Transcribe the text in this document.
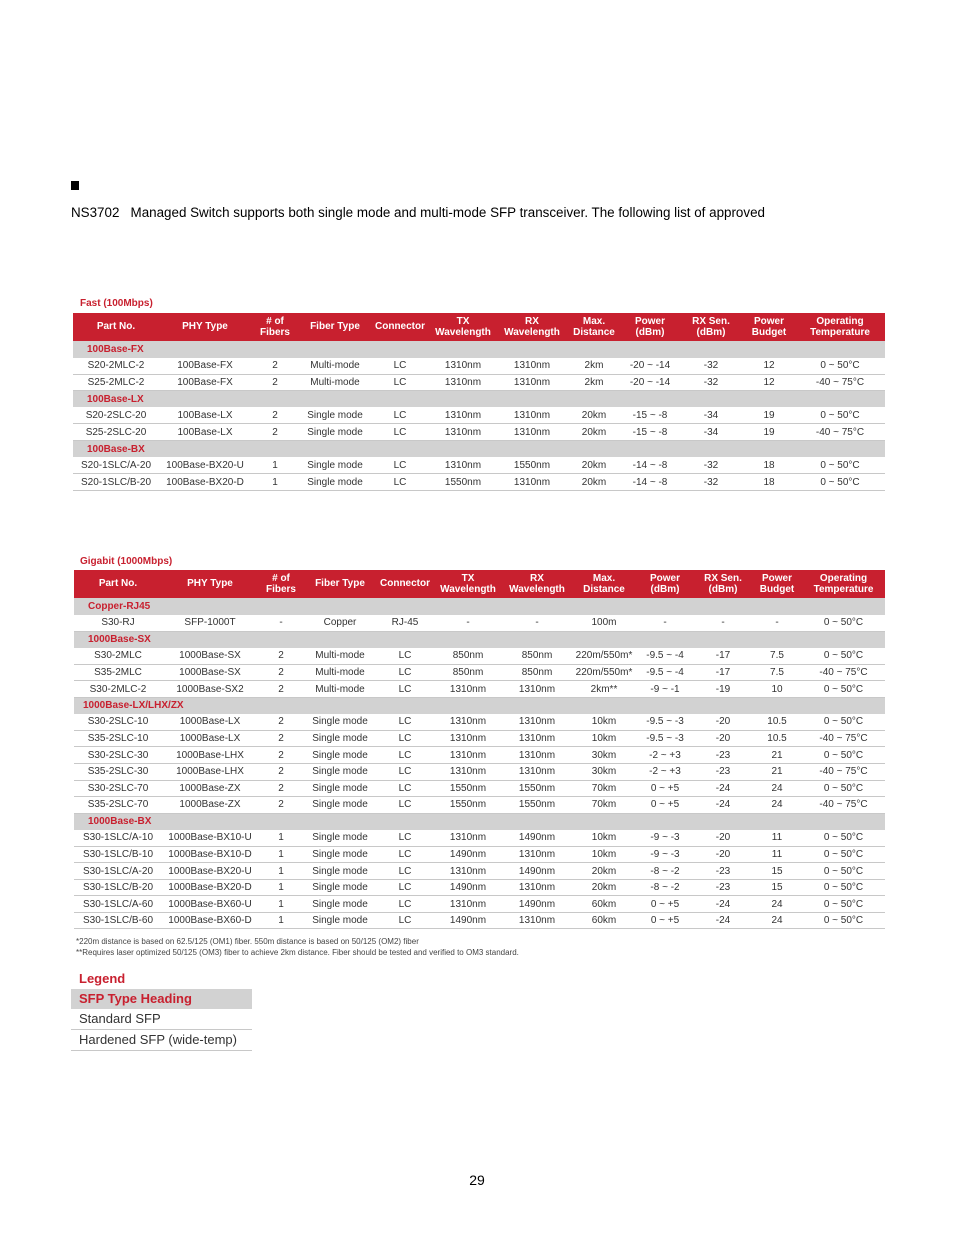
NS3702   Managed Switch supports both single mode and multi-mode SFP transceiver. The following list of approved
Fast (100Mbps)
Part No.	PHY Type	# of Fibers	Fiber Type	Connector	TX Wavelength	RX Wavelength	Max. Distance	Power (dBm)	RX Sen. (dBm)	Power Budget	Operating Temperature
100Base-FX											
S20-2MLC-2	100Base-FX	2	Multi-mode	LC	1310nm	1310nm	2km	-20 ~ -14	-32	12	0 ~ 50°C
S25-2MLC-2	100Base-FX	2	Multi-mode	LC	1310nm	1310nm	2km	-20 ~ -14	-32	12	-40 ~ 75°C
100Base-LX											
S20-2SLC-20	100Base-LX	2	Single mode	LC	1310nm	1310nm	20km	-15 ~ -8	-34	19	0 ~ 50°C
S25-2SLC-20	100Base-LX	2	Single mode	LC	1310nm	1310nm	20km	-15 ~ -8	-34	19	-40 ~ 75°C
100Base-BX											
S20-1SLC/A-20	100Base-BX20-U	1	Single mode	LC	1310nm	1550nm	20km	-14 ~ -8	-32	18	0 ~ 50°C
S20-1SLC/B-20	100Base-BX20-D	1	Single mode	LC	1550nm	1310nm	20km	-14 ~ -8	-32	18	0 ~ 50°C
Gigabit (1000Mbps)
Part No.	PHY Type	# of Fibers	Fiber Type	Connector	TX Wavelength	RX Wavelength	Max. Distance	Power (dBm)	RX Sen. (dBm)	Power Budget	Operating Temperature
Copper-RJ45											
S30-RJ	SFP-1000T	-	Copper	RJ-45	-	-	100m	-	-	-	0 ~ 50°C
1000Base-SX											
S30-2MLC	1000Base-SX	2	Multi-mode	LC	850nm	850nm	220m/550m*	-9.5 ~ -4	-17	7.5	0 ~ 50°C
S35-2MLC	1000Base-SX	2	Multi-mode	LC	850nm	850nm	220m/550m*	-9.5 ~ -4	-17	7.5	-40 ~ 75°C
S30-2MLC-2	1000Base-SX2	2	Multi-mode	LC	1310nm	1310nm	2km**	-9 ~ -1	-19	10	0 ~ 50°C
1000Base-LX/LHX/ZX											
S30-2SLC-10	1000Base-LX	2	Single mode	LC	1310nm	1310nm	10km	-9.5 ~ -3	-20	10.5	0 ~ 50°C
S35-2SLC-10	1000Base-LX	2	Single mode	LC	1310nm	1310nm	10km	-9.5 ~ -3	-20	10.5	-40 ~ 75°C
S30-2SLC-30	1000Base-LHX	2	Single mode	LC	1310nm	1310nm	30km	-2 ~ +3	-23	21	0 ~ 50°C
S35-2SLC-30	1000Base-LHX	2	Single mode	LC	1310nm	1310nm	30km	-2 ~ +3	-23	21	-40 ~ 75°C
S30-2SLC-70	1000Base-ZX	2	Single mode	LC	1550nm	1550nm	70km	0 ~ +5	-24	24	0 ~ 50°C
S35-2SLC-70	1000Base-ZX	2	Single mode	LC	1550nm	1550nm	70km	0 ~ +5	-24	24	-40 ~ 75°C
1000Base-BX											
S30-1SLC/A-10	1000Base-BX10-U	1	Single mode	LC	1310nm	1490nm	10km	-9 ~ -3	-20	11	0 ~ 50°C
S30-1SLC/B-10	1000Base-BX10-D	1	Single mode	LC	1490nm	1310nm	10km	-9 ~ -3	-20	11	0 ~ 50°C
S30-1SLC/A-20	1000Base-BX20-U	1	Single mode	LC	1310nm	1490nm	20km	-8 ~ -2	-23	15	0 ~ 50°C
S30-1SLC/B-20	1000Base-BX20-D	1	Single mode	LC	1490nm	1310nm	20km	-8 ~ -2	-23	15	0 ~ 50°C
S30-1SLC/A-60	1000Base-BX60-U	1	Single mode	LC	1310nm	1490nm	60km	0 ~ +5	-24	24	0 ~ 50°C
S30-1SLC/B-60	1000Base-BX60-D	1	Single mode	LC	1490nm	1310nm	60km	0 ~ +5	-24	24	0 ~ 50°C
*220m distance is based on 62.5/125 (OM1) fiber. 550m distance is based on 50/125 (OM2) fiber
**Requires laser optimized 50/125 (OM3) fiber to achieve 2km distance. Fiber should be tested and verified to OM3 standard.
Legend
SFP Type Heading
Standard SFP
Hardened SFP (wide-temp)
29
